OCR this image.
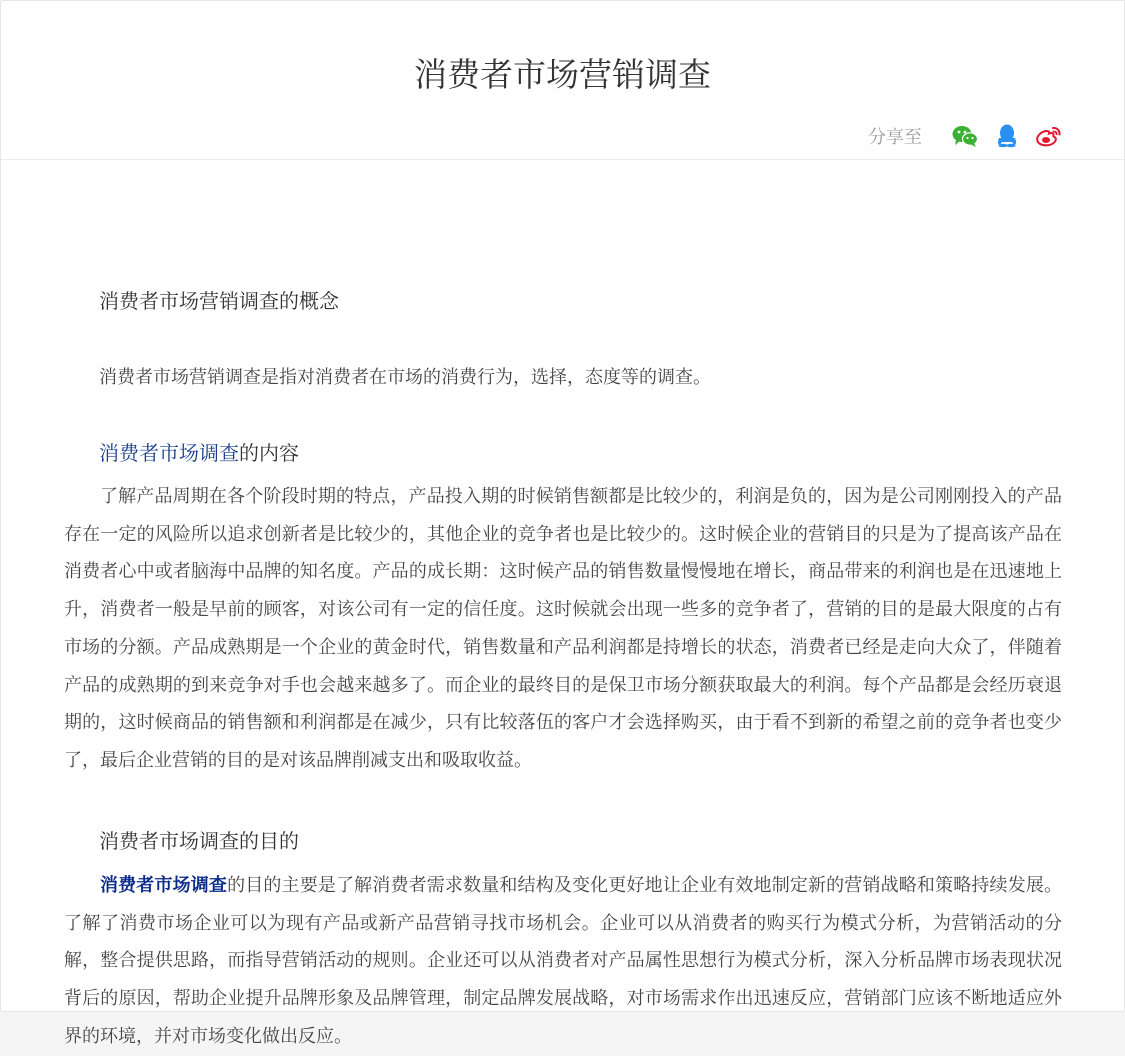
消费者市场营销调查
分享至
消费者市场营销调查的概念
消费者市场营销调查是指对消费者在市场的消费行为，选择，态度等的调查。
消费者市场调查的内容

了解产品周期在各个阶段时期的特点，产品投入期的时候销售额都是比较少的，利润是负的，因为是公司刚刚投入的产品存在一定的风险所以追求创新者是比较少的，其他企业的竞争者也是比较少的。这时候企业的营销目的只是为了提高该产品在消费者心中或者脑海中品牌的知名度。产品的成长期：这时候产品的销售数量慢慢地在增长，商品带来的利润也是在迅速地上升，消费者一般是早前的顾客，对该公司有一定的信任度。这时候就会出现一些多的竞争者了，营销的目的是最大限度的占有市场的分额。产品成熟期是一个企业的黄金时代，销售数量和产品利润都是持增长的状态，消费者已经是走向大众了，伴随着产品的成熟期的到来竞争对手也会越来越多了。而企业的最终目的是保卫市场分额获取最大的利润。每个产品都是会经历衰退期的，这时候商品的销售额和利润都是在减少，只有比较落伍的客户才会选择购买，由于看不到新的希望之前的竞争者也变少了，最后企业营销的目的是对该品牌削减支出和吸取收益。

消费者市场调查的目的

消费者市场调查的目的主要是了解消费者需求数量和结构及变化更好地让企业有效地制定新的营销战略和策略持续发展。了解了消费市场企业可以为现有产品或新产品营销寻找市场机会。企业可以从消费者的购买行为模式分析，为营销活动的分解，整合提供思路，而指导营销活动的规则。企业还可以从消费者对产品属性思想行为模式分析，深入分析品牌市场表现状况背后的原因，帮助企业提升品牌形象及品牌管理，制定品牌发展战略，对市场需求作出迅速反应，营销部门应该不断地适应外界的环境，并对市场变化做出反应。
